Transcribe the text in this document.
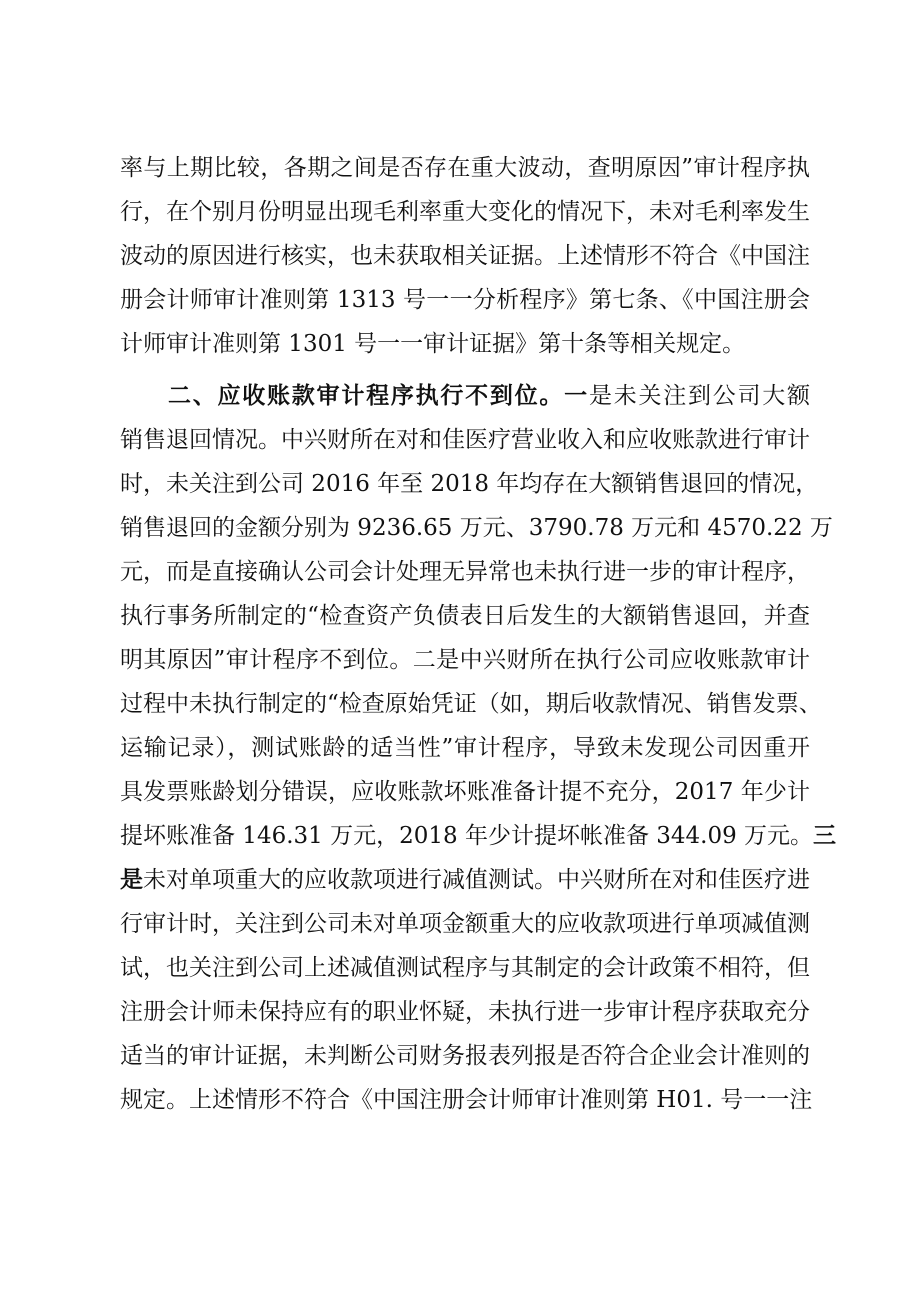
率与上期比较，各期之间是否存在重大波动，查明原因”审计程序执
行，在个别月份明显出现毛利率重大变化的情况下，未对毛利率发生
波动的原因进行核实，也未获取相关证据。上述情形不符合《中国注
册会计师审计准则第 1313 号一一分析程序》第七条、《中国注册会
计师审计准则第 1301 号一一审计证据》第十条等相关规定。
二、应收账款审计程序执行不到位。一是未关注到公司大额
销售退回情况。中兴财所在对和佳医疗营业收入和应收账款进行审计
时，未关注到公司 2016 年至 2018 年均存在大额销售退回的情况，
销售退回的金额分别为 9236.65 万元、3790.78 万元和 4570.22 万
元，而是直接确认公司会计处理无异常也未执行进一步的审计程序，
执行事务所制定的“检查资产负债表日后发生的大额销售退回，并查
明其原因”审计程序不到位。二是中兴财所在执行公司应收账款审计
过程中未执行制定的“检查原始凭证（如，期后收款情况、销售发票、
运输记录），测试账龄的适当性”审计程序，导致未发现公司因重开
具发票账龄划分错误，应收账款坏账准备计提不充分，2017 年少计
提坏账准备 146.31 万元，2018 年少计提坏帐准备 344.09 万元。三
是未对单项重大的应收款项进行减值测试。中兴财所在对和佳医疗进
行审计时，关注到公司未对单项金额重大的应收款项进行单项减值测
试，也关注到公司上述减值测试程序与其制定的会计政策不相符，但
注册会计师未保持应有的职业怀疑，未执行进一步审计程序获取充分
适当的审计证据，未判断公司财务报表列报是否符合企业会计准则的
规定。上述情形不符合《中国注册会计师审计准则第 H01. 号一一注
